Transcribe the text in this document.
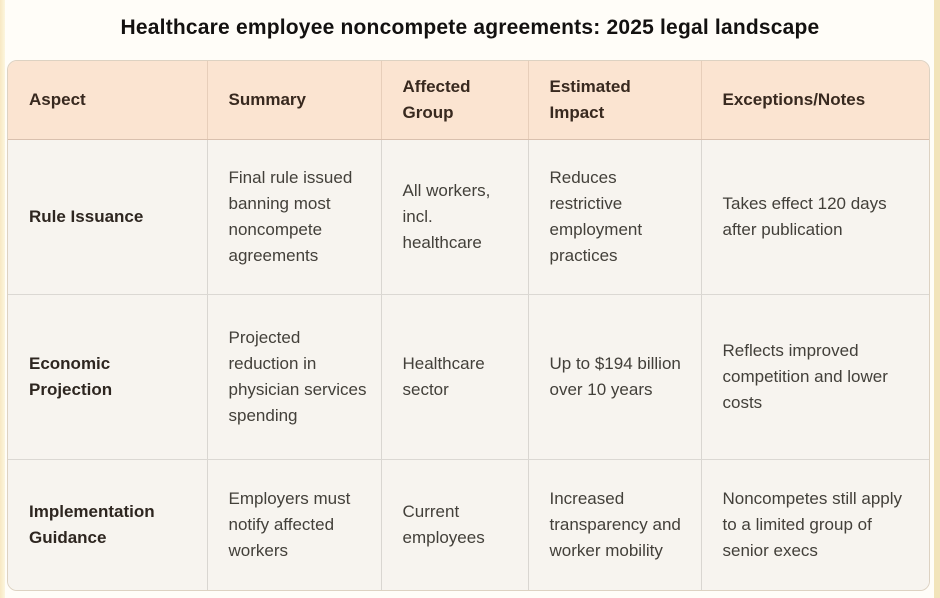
Healthcare employee noncompete agreements: 2025 legal landscape
Aspect	Summary	Affected Group	Estimated Impact	Exceptions/Notes
Rule Issuance	Final rule issued banning most noncompete agreements	All workers, incl. healthcare	Reduces restrictive employment practices	Takes effect 120 days after publication
Economic Projection	Projected reduction in physician services spending	Healthcare sector	Up to $194 billion over 10 years	Reflects improved competition and lower costs
Implementation Guidance	Employers must notify affected workers	Current employees	Increased transparency and worker mobility	Noncompetes still apply to a limited group of senior execs
